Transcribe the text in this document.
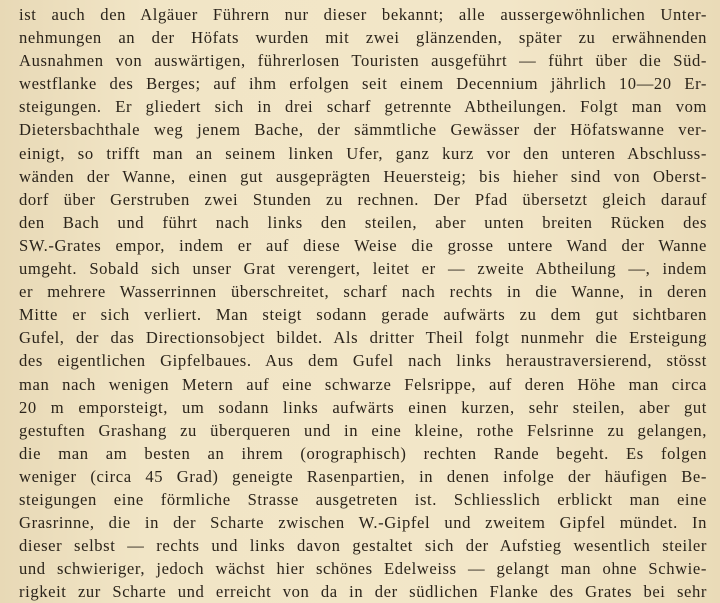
ist auch den Algäuer Führern nur dieser bekannt; alle aussergewöhnlichen Unter-
nehmungen an der Höfats wurden mit zwei glänzenden, später zu erwähnenden
Ausnahmen von auswärtigen, führerlosen Touristen ausgeführt — führt über die Süd-
westflanke des Berges; auf ihm erfolgen seit einem Decennium jährlich 10—20 Er-
steigungen. Er gliedert sich in drei scharf getrennte Abtheilungen. Folgt man vom
Dietersbachthale weg jenem Bache, der sämmtliche Gewässer der Höfatswanne ver-
einigt, so trifft man an seinem linken Ufer, ganz kurz vor den unteren Abschluss-
wänden der Wanne, einen gut ausgeprägten Heuersteig; bis hieher sind von Oberst-
dorf über Gerstruben zwei Stunden zu rechnen. Der Pfad übersetzt gleich darauf
den Bach und führt nach links den steilen, aber unten breiten Rücken des
SW.-Grates empor, indem er auf diese Weise die grosse untere Wand der Wanne
umgeht. Sobald sich unser Grat verengert, leitet er — zweite Abtheilung —, indem
er mehrere Wasserrinnen überschreitet, scharf nach rechts in die Wanne, in deren
Mitte er sich verliert. Man steigt sodann gerade aufwärts zu dem gut sichtbaren
Gufel, der das Directionsobject bildet. Als dritter Theil folgt nunmehr die Ersteigung
des eigentlichen Gipfelbaues. Aus dem Gufel nach links heraustraversierend, stösst
man nach wenigen Metern auf eine schwarze Felsrippe, auf deren Höhe man circa
20 m emporsteigt, um sodann links aufwärts einen kurzen, sehr steilen, aber gut
gestuften Grashang zu überqueren und in eine kleine, rothe Felsrinne zu gelangen,
die man am besten an ihrem (orographisch) rechten Rande begeht. Es folgen
weniger (circa 45 Grad) geneigte Rasenpartien, in denen infolge der häufigen Be-
steigungen eine förmliche Strasse ausgetreten ist. Schliesslich erblickt man eine
Grasrinne, die in der Scharte zwischen W.-Gipfel und zweitem Gipfel mündet. In
dieser selbst — rechts und links davon gestaltet sich der Aufstieg wesentlich steiler
und schwieriger, jedoch wächst hier schönes Edelweiss — gelangt man ohne Schwie-
rigkeit zur Scharte und erreicht von da in der südlichen Flanke des Grates bei sehr
